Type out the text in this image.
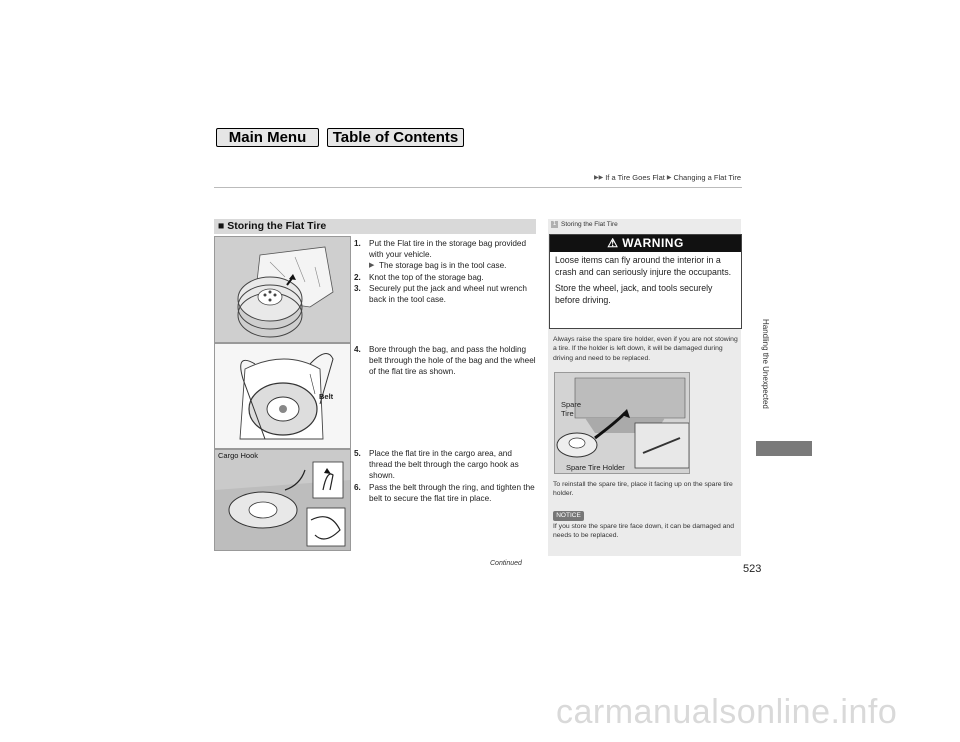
Main Menu	Table of Contents
▶▶ If a Tire Goes Flat ▶ Changing a Flat Tire
■ Storing the Flat Tire
Belt
Cargo Hook
1. Put the Flat tire in the storage bag provided with your vehicle.
▶ The storage bag is in the tool case.
2. Knot the top of the storage bag.
3. Securely put the jack and wheel nut wrench back in the tool case.
4. Bore through the bag, and pass the holding belt through the hole of the bag and the wheel of the flat tire as shown.
5. Place the flat tire in the cargo area, and thread the belt through the cargo hook as shown.
6. Pass the belt through the ring, and tighten the belt to secure the flat tire in place.
1 Storing the Flat Tire
⚠ WARNING

Loose items can fly around the interior in a crash and can seriously injure the occupants.

Store the wheel, jack, and tools securely before driving.

Always raise the spare tire holder, even if you are not stowing a tire. If the holder is left down, it will be damaged during driving and need to be replaced.
Spare Tire
Spare Tire Holder
To reinstall the spare tire, place it facing up on the spare tire holder.
NOTICE
If you store the spare tire face down, it can be damaged and needs to be replaced.
Handling the Unexpected
Continued	523
carmanualsonline.info
